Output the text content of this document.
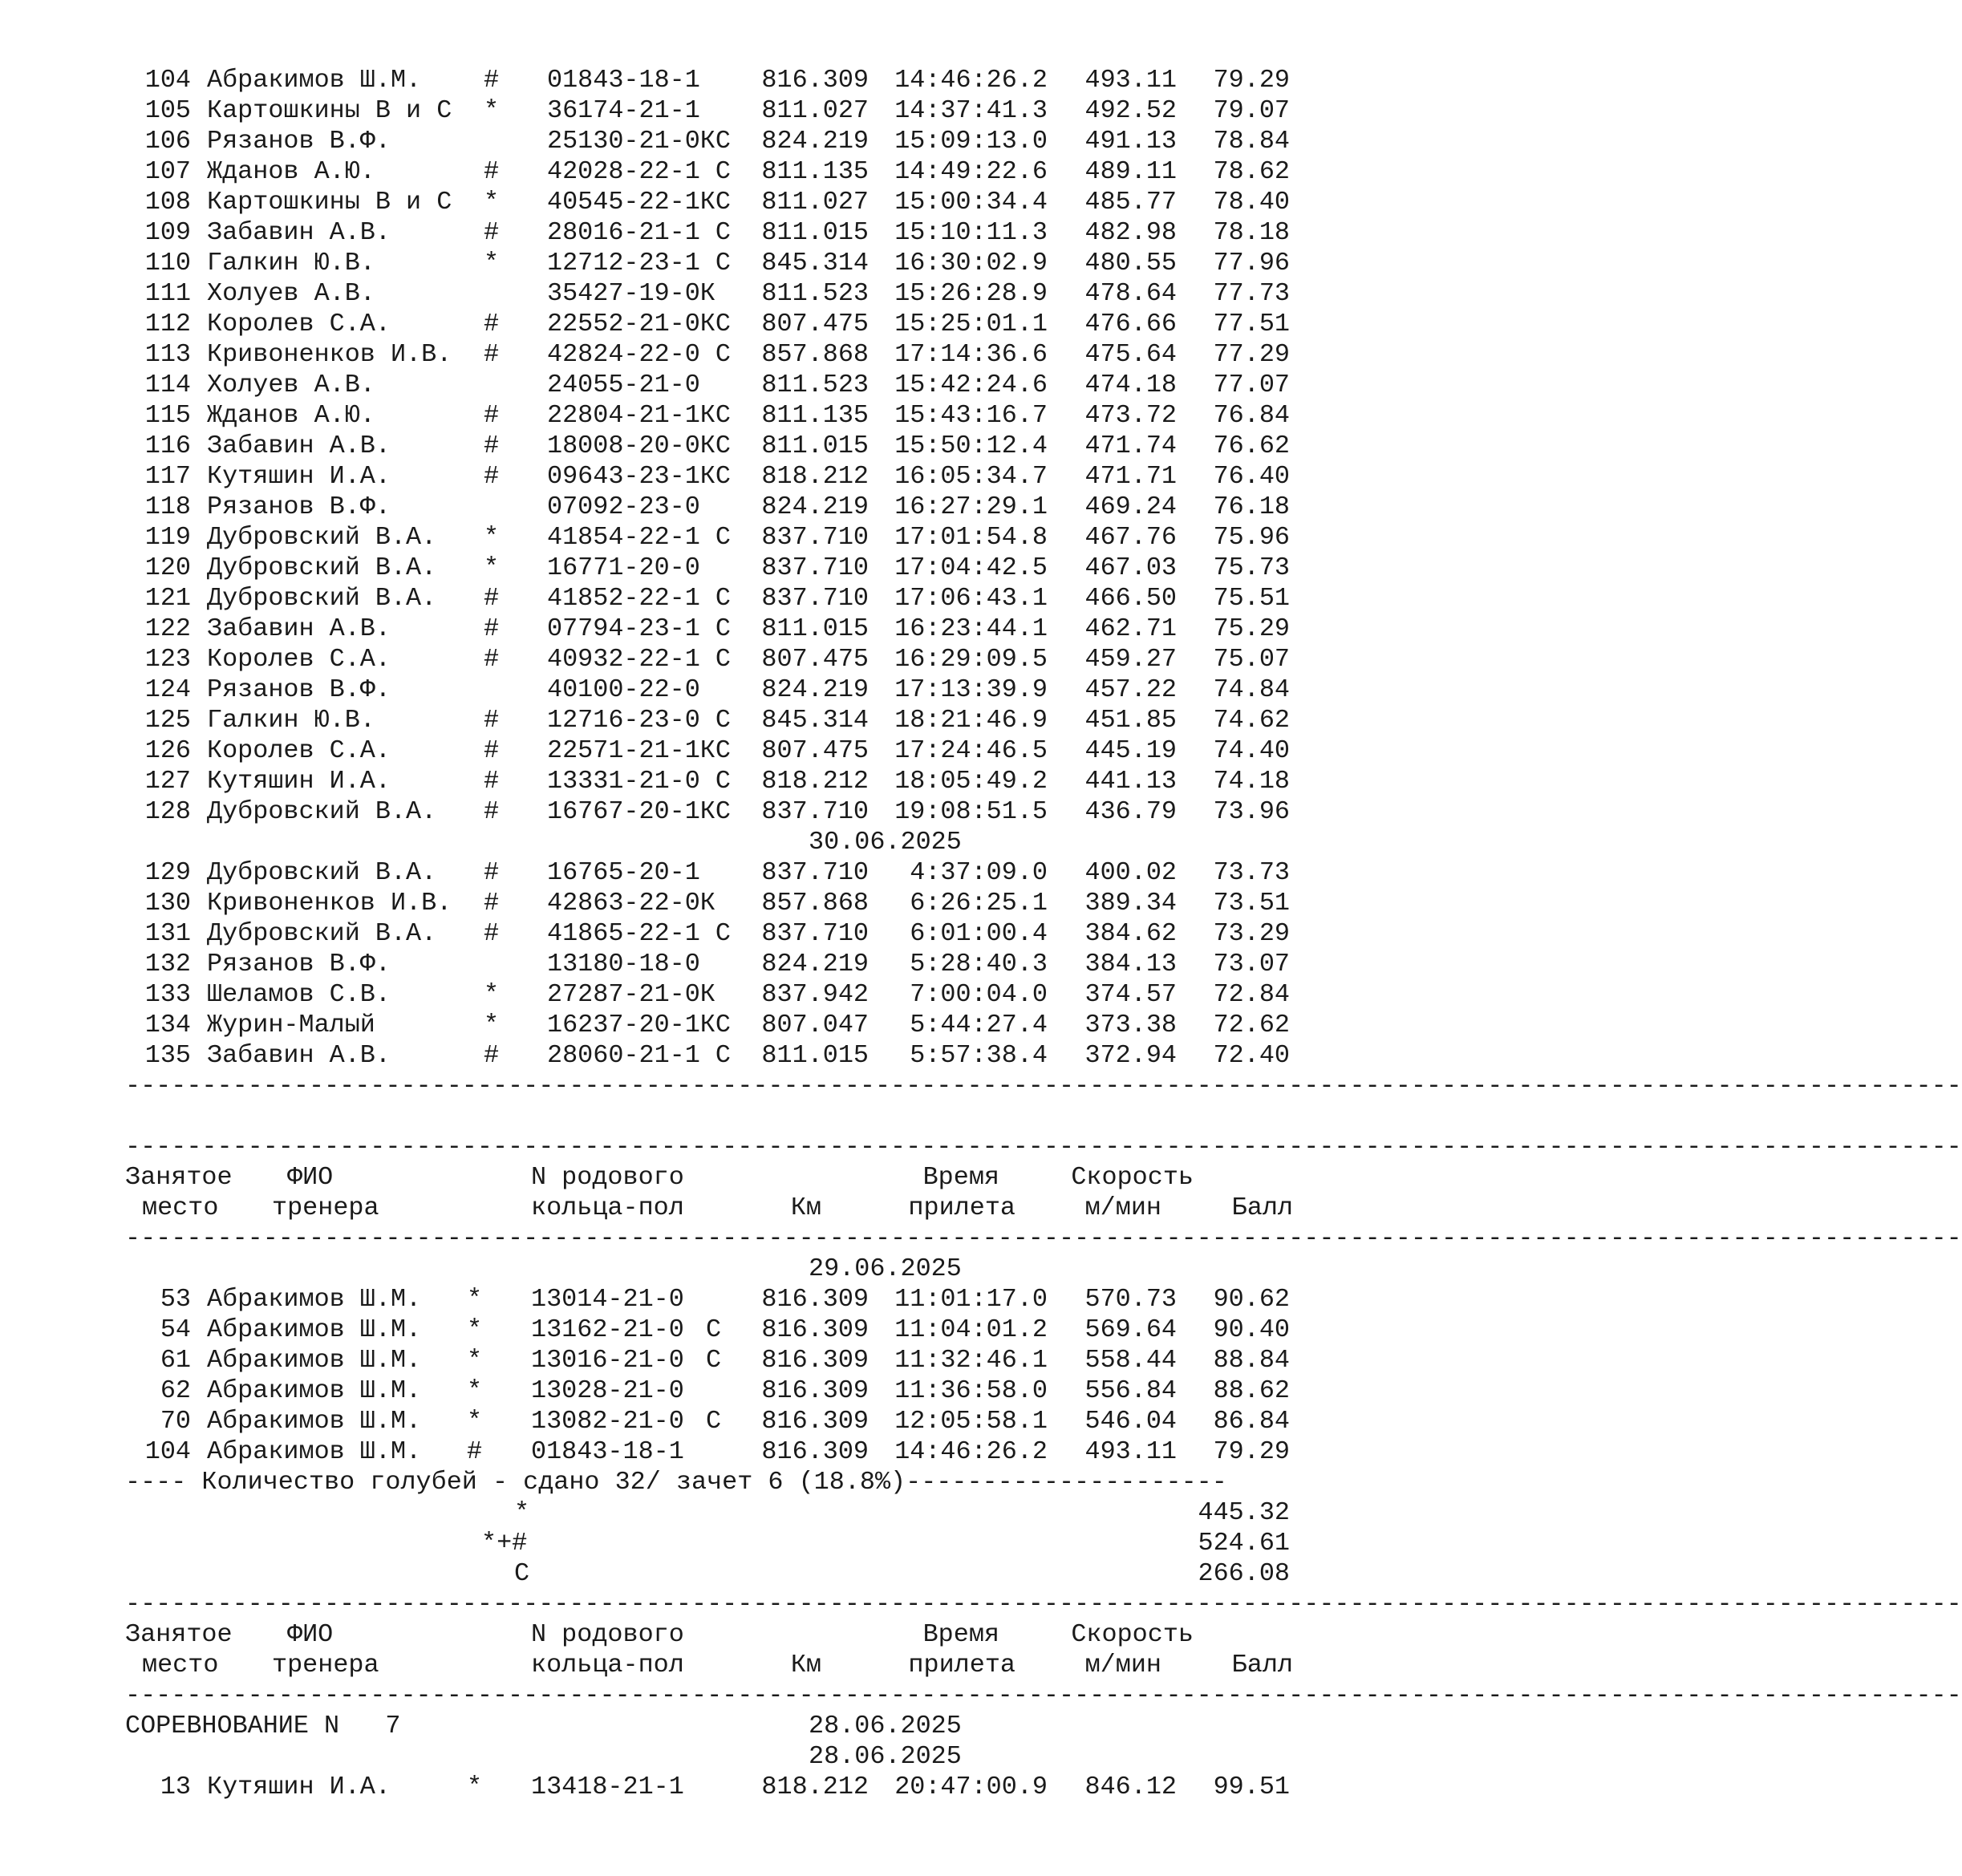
104 Абракимов Ш.М. # 01843-18-1 816.309 14:46:26.2 493.11 79.29
105 Картошкины В и С * 36174-21-1 811.027 14:37:41.3 492.52 79.07
106 Рязанов В.Ф.	25130-21-0КС 824.219 15:09:13.0 491.13 78.84
107 Жданов А.Ю.	# 42028-22-1 С 811.135 14:49:22.6 489.11 78.62
108 Картошкины В и С * 40545-22-1КС 811.027 15:00:34.4 485.77 78.40
109 Забавин А.В.	# 28016-21-1 С 811.015 15:10:11.3 482.98 78.18
110 Галкин Ю.В.	* 12712-23-1 С 845.314 16:30:02.9 480.55 77.96
111 Холуев А.В.	35427-19-0К 811.523 15:26:28.9 478.64 77.73
112 Королев С.А.	# 22552-21-0КС 807.475 15:25:01.1 476.66 77.51
113 Кривоненков И.В. # 42824-22-0 С 857.868 17:14:36.6 475.64 77.29
114 Холуев А.В.	24055-21-0 811.523 15:42:24.6 474.18 77.07
115 Жданов А.Ю.	# 22804-21-1КС 811.135 15:43:16.7 473.72 76.84
116 Забавин А.В.	# 18008-20-0КС 811.015 15:50:12.4 471.74 76.62
117 Кутяшин И.А.	# 09643-23-1КС 818.212 16:05:34.7 471.71 76.40
118 Рязанов В.Ф.	07092-23-0 824.219 16:27:29.1 469.24 76.18
119 Дубровский В.А. * 41854-22-1 С 837.710 17:01:54.8 467.76 75.96
120 Дубровский В.А. * 16771-20-0 837.710 17:04:42.5 467.03 75.73
121 Дубровский В.А. # 41852-22-1 С 837.710 17:06:43.1 466.50 75.51
122 Забавин А.В.	# 07794-23-1 С 811.015 16:23:44.1 462.71 75.29
123 Королев С.А.	# 40932-22-1 С 807.475 16:29:09.5 459.27 75.07
124 Рязанов В.Ф.	40100-22-0 824.219 17:13:39.9 457.22 74.84
125 Галкин Ю.В.	# 12716-23-0 С 845.314 18:21:46.9 451.85 74.62
126 Королев С.А.	# 22571-21-1КС 807.475 17:24:46.5 445.19 74.40
127 Кутяшин И.А.	# 13331-21-0 С 818.212 18:05:49.2 441.13 74.18
128 Дубровский В.А. # 16767-20-1КС 837.710 19:08:51.5 436.79 73.96
30.06.2025
129 Дубровский В.А. # 16765-20-1 837.710 4:37:09.0 400.02 73.73
130 Кривоненков И.В. # 42863-22-0К 857.868 6:26:25.1 389.34 73.51
131 Дубровский В.А. # 41865-22-1 С 837.710 6:01:00.4 384.62 73.29
132 Рязанов В.Ф.	13180-18-0 824.219 5:28:40.3 384.13 73.07
133 Шеламов С.В.	* 27287-21-0К 837.942 7:00:04.0 374.57 72.84
134 Журин-Малый	* 16237-20-1КС 807.047 5:44:27.4 373.38 72.62
135 Забавин А.В.	# 28060-21-1 С 811.015 5:57:38.4 372.94 72.40
------------------------------------------------------------------------------------------------------------------------
------------------------------------------------------------------------------------------------------------------------
Занятое ФИО	N родового	Время	Скорость
место тренера	кольца-пол	Км	прилета	м/мин	Балл
------------------------------------------------------------------------------------------------------------------------
29.06.2025
53 Абракимов Ш.М. * 13014-21-0	816.309 11:01:17.0 570.73 90.62
54 Абракимов Ш.М. * 13162-21-0 С 816.309 11:04:01.2 569.64 90.40
61 Абракимов Ш.М. * 13016-21-0 С 816.309 11:32:46.1 558.44 88.84
62 Абракимов Ш.М. * 13028-21-0	816.309 11:36:58.0 556.84 88.62
70 Абракимов Ш.М. * 13082-21-0 С 816.309 12:05:58.1 546.04 86.84
104 Абракимов Ш.М. # 01843-18-1	816.309 14:46:26.2 493.11 79.29
---- Количество голубей - сдано 32/ зачет 6 (18.8%)---------------------
*	445.32
*+#	524.61
С	266.08
------------------------------------------------------------------------------------------------------------------------
Занятое ФИО	N родового	Время	Скорость
место тренера	кольца-пол	Км	прилета	м/мин	Балл
------------------------------------------------------------------------------------------------------------------------
СОРЕВНОВАНИЕ N   7	28.06.2025
28.06.2025
13 Кутяшин И.А.	* 13418-21-1	818.212 20:47:00.9 846.12 99.51
